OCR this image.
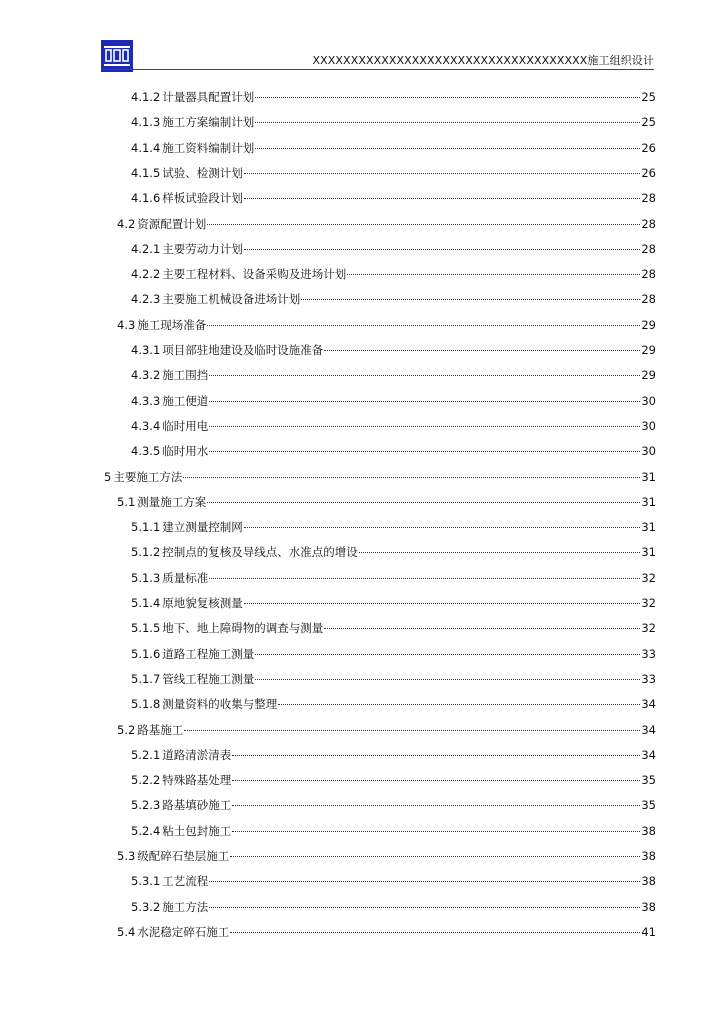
XXXXXXXXXXXXXXXXXXXXXXXXXXXXXXXXXXXX施工组织设计
4.1.2 计量器具配置计划	25
4.1.3 施工方案编制计划	25
4.1.4 施工资料编制计划	26
4.1.5 试验、检测计划	26
4.1.6 样板试验段计划	28
4.2 资源配置计划	28
4.2.1 主要劳动力计划	28
4.2.2 主要工程材料、设备采购及进场计划	28
4.2.3 主要施工机械设备进场计划	28
4.3 施工现场准备	29
4.3.1 项目部驻地建设及临时设施准备	29
4.3.2 施工围挡	29
4.3.3 施工便道	30
4.3.4 临时用电	30
4.3.5 临时用水	30
5 主要施工方法	31
5.1 测量施工方案	31
5.1.1 建立测量控制网	31
5.1.2 控制点的复核及导线点、水准点的增设	31
5.1.3 质量标准	32
5.1.4 原地貌复核测量	32
5.1.5 地下、地上障碍物的调查与测量	32
5.1.6 道路工程施工测量	33
5.1.7 管线工程施工测量	33
5.1.8 测量资料的收集与整理	34
5.2 路基施工	34
5.2.1 道路清淤清表	34
5.2.2 特殊路基处理	35
5.2.3 路基填砂施工	35
5.2.4 粘土包封施工	38
5.3 级配碎石垫层施工	38
5.3.1 工艺流程	38
5.3.2 施工方法	38
5.4 水泥稳定碎石施工	41
